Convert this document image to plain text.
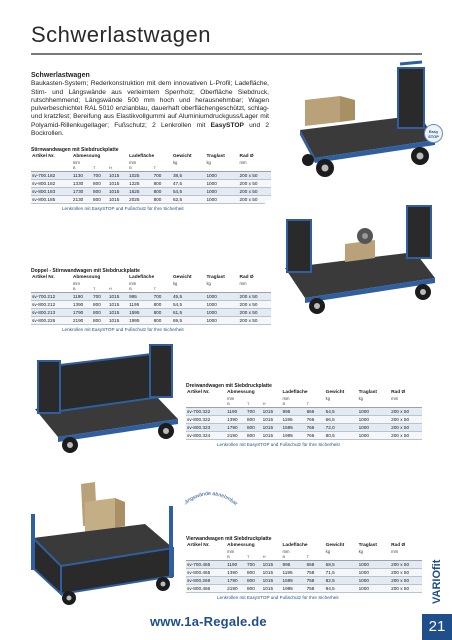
Schwerlastwagen
Schwerlastwagen
Baukasten-System; Rederkonstruktion mit dem innovativen L-Profil; Ladefläche, Stirn- und Längswände aus verleimtem Sperrholz; Oberfläche Siebdruck, rutschhemmend; Längswände 500 mm hoch und herausnehmbar; Wagen pulverbeschichtet RAL 5010 enzianblau, dauerhaft oberflächengeschützt, schlag- und kratzfest; Bereifung aus Elastikvollgummi auf Aluminiumdruckguss/Lager mit Polyamid-Rillenkugellager; Fußschutz; 2 Lenkrollen mit EasySTOP und 2 Bockrollen.	Easy
STOP
Stirnwandwagen mit Siebdruckplatte
Artikel Nr.	Abmessung			Ladefläche		Gewicht	Traglast	Rad Ø
	mm			mm		kg	kg	mm
	B	T	H	B	T			
sv-700.182	1130	700	1015	1025	700	38,5	1000	200 x 50
sv-800.182	1330	800	1015	1225	800	47,5	1000	200 x 50
sv-800.183	1730	800	1015	1625	800	54,5	1000	200 x 50
sv-800.185	2130	800	1015	2025	800	62,5	1000	200 x 50
Lenkrollen mit EasySTOP und Fußschutz für Ihre Sicherheit
Doppel - Stirnwandwagen mit Siebdruckplatte
Artikel Nr.	Abmessung			Ladefläche		Gewicht	Traglast	Rad Ø
	mm			mm		kg	kg	mm
	B	T	H	B	T			
sv-700.212	1190	700	1015	995	700	45,5	1000	200 x 50
sv-800.212	1390	800	1015	1195	800	54,5	1000	200 x 50
sv-800.213	1790	800	1015	1595	800	61,5	1000	200 x 50
sv-800.226	2190	800	1015	1995	800	69,5	1000	200 x 50
Lenkrollen mit EasySTOP und Fußschutz für Ihre Sicherheit
Dreiwandwagen mit Siebdruckplatte
Artikel Nr.	Abmessung			Ladefläche		Gewicht	Traglast	Rad Ø
	mm			mm		kg	kg	mm
	B	T	H	B	T			
sv-700.322	1190	700	1015	995	666	54,5	1000	200 x 50
sv-800.322	1390	800	1015	1195	766	66,5	1000	200 x 50
sv-800.323	1790	800	1015	1595	766	72,0	1000	200 x 50
sv-800.324	2190	800	1015	1995	766	80,5	1000	200 x 50
Lenkrollen mit EasySTOP und Fußschutz für Ihre Sicherheit!
Längswände abnehmbar
Vierwandwagen mit Siebdruckplatte
Artikel Nr.	Abmessung			Ladefläche		Gewicht	Traglast	Rad Ø
	mm			mm		kg	kg	mm
	B	T	H	B	T			
sv-700.465	1190	700	1015	995	658	58,5	1000	200 x 50
sv-800.465	1390	800	1015	1195	758	71,5	1000	200 x 50
sv-800.269	1790	800	1015	1595	758	82,5	1000	200 x 50
sv-800.466	2190	800	1015	1995	758	94,5	1000	200 x 50
Lenkrollen mit EasySTOP und Fußschutz für Ihre Sicherheit	VARIOfit
www.1a-Regale.de	21
